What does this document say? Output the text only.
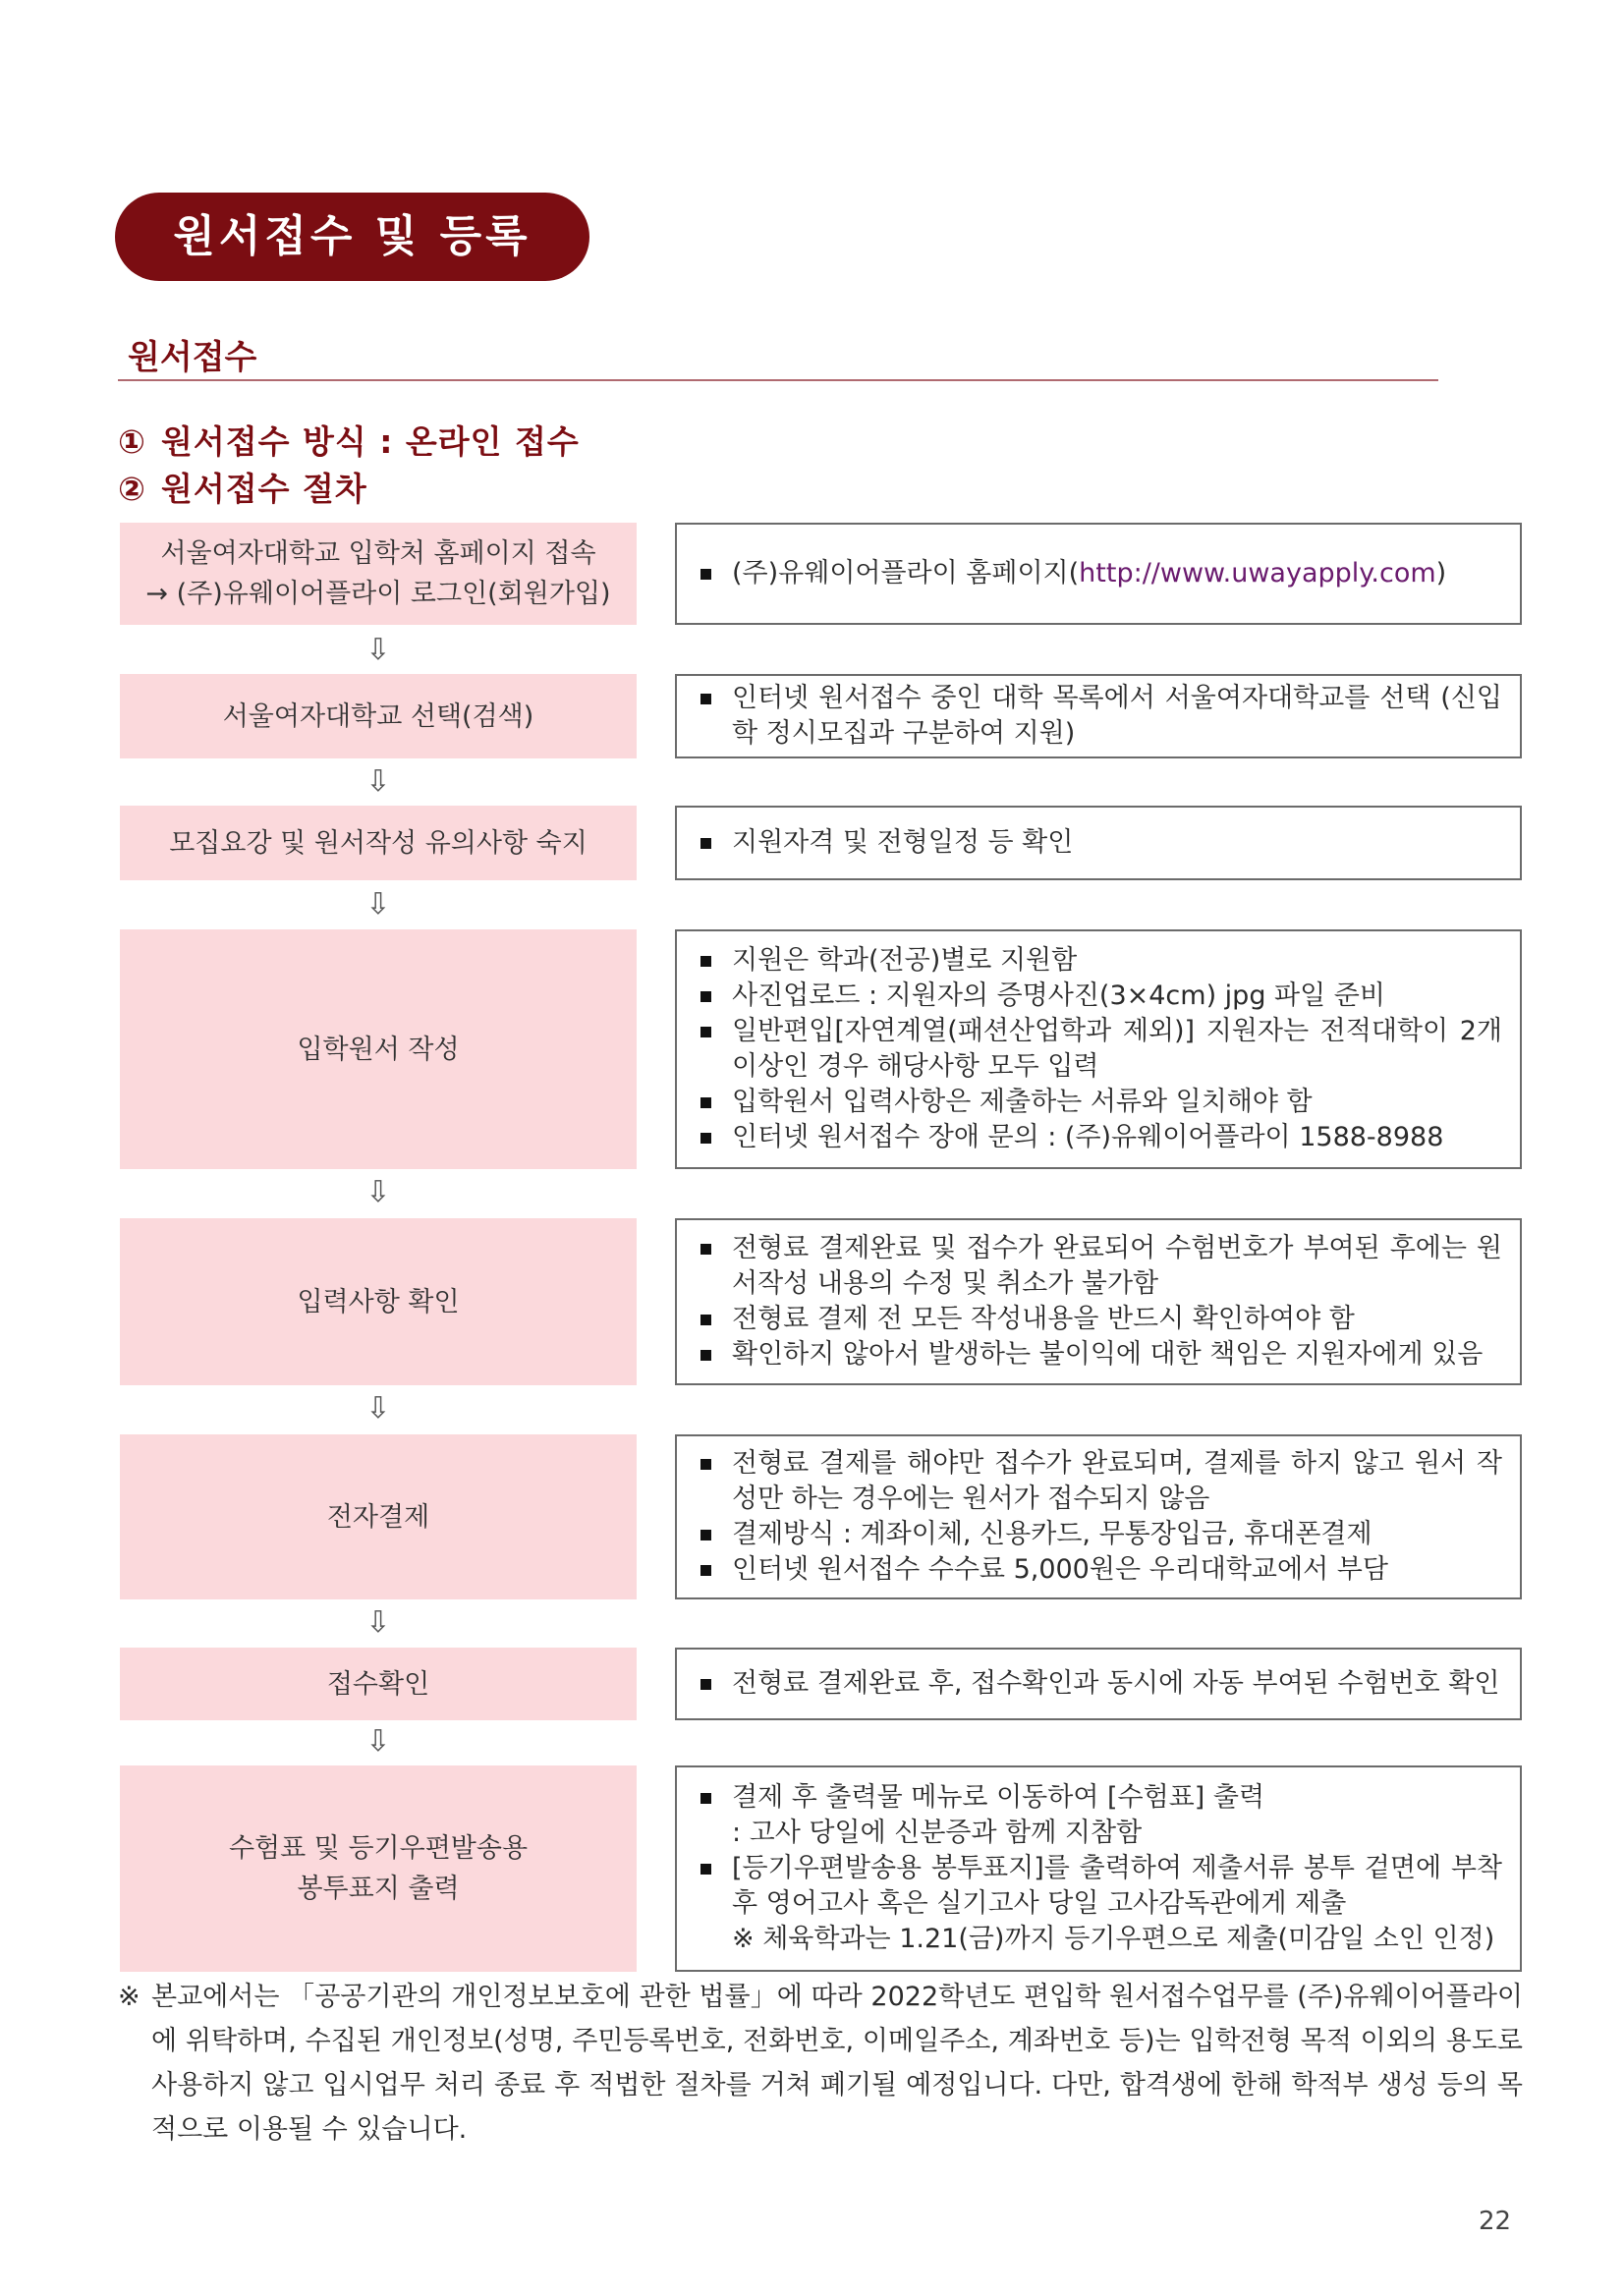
원서접수 및 등록
원서접수
① 원서접수 방식 : 온라인 접수
② 원서접수 절차
서울여자대학교 입학처 홈페이지 접속
→ (주)유웨이어플라이 로그인(회원가입)
(주)유웨이어플라이 홈페이지(http://www.uwayapply.com)
⇩
서울여자대학교 선택(검색)
인터넷 원서접수 중인 대학 목록에서 서울여자대학교를 선택 (신입학 정시모집과 구분하여 지원)
⇩
모집요강 및 원서작성 유의사항 숙지	지원자격 및 전형일정 등 확인
⇩
입학원서 작성
지원은 학과(전공)별로 지원함
사진업로드 : 지원자의 증명사진(3×4cm) jpg 파일 준비
일반편입[자연계열(패션산업학과 제외)] 지원자는 전적대학이 2개 이상인 경우 해당사항 모두 입력
입학원서 입력사항은 제출하는 서류와 일치해야 함
인터넷 원서접수 장애 문의 : (주)유웨이어플라이 1588-8988
⇩
입력사항 확인
전형료 결제완료 및 접수가 완료되어 수험번호가 부여된 후에는 원서작성 내용의 수정 및 취소가 불가함
전형료 결제 전 모든 작성내용을 반드시 확인하여야 함
확인하지 않아서 발생하는 불이익에 대한 책임은 지원자에게 있음
⇩
전자결제
전형료 결제를 해야만 접수가 완료되며, 결제를 하지 않고 원서 작성만 하는 경우에는 원서가 접수되지 않음
결제방식 : 계좌이체, 신용카드, 무통장입금, 휴대폰결제
인터넷 원서접수 수수료 5,000원은 우리대학교에서 부담
⇩
접수확인	전형료 결제완료 후, 접수확인과 동시에 자동 부여된 수험번호 확인
⇩
수험표 및 등기우편발송용
봉투표지 출력
결제 후 출력물 메뉴로 이동하여 [수험표] 출력
: 고사 당일에 신분증과 함께 지참함
[등기우편발송용 봉투표지]를 출력하여 제출서류 봉투 겉면에 부착 후 영어고사 혹은 실기고사 당일 고사감독관에게 제출
※ 체육학과는 1.21(금)까지 등기우편으로 제출(미감일 소인 인정)
※ 본교에서는 「공공기관의 개인정보보호에 관한 법률」에 따라 2022학년도 편입학 원서접수업무를 (주)유웨이어플라이에 위탁하며, 수집된 개인정보(성명, 주민등록번호, 전화번호, 이메일주소, 계좌번호 등)는 입학전형 목적 이외의 용도로 사용하지 않고 입시업무 처리 종료 후 적법한 절차를 거쳐 폐기될 예정입니다. 다만, 합격생에 한해 학적부 생성 등의 목적으로 이용될 수 있습니다.
22
